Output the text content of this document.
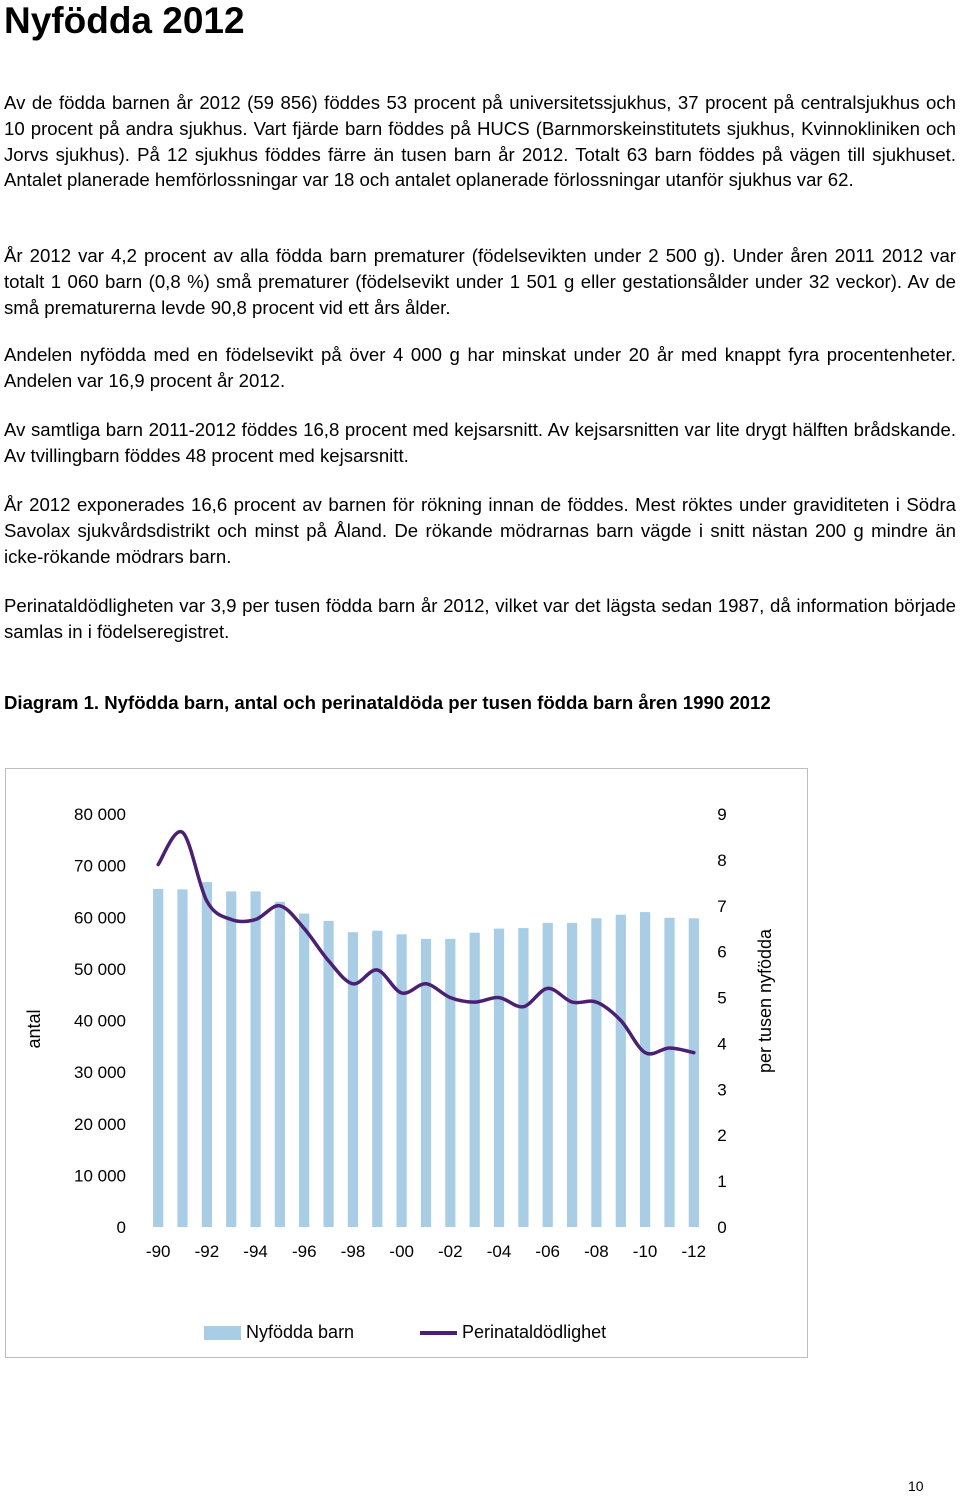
Nyfödda 2012

Av de födda barnen år 2012 (59 856) föddes 53 procent på universitetssjukhus, 37 procent på centralsjukhus och 10 procent på andra sjukhus. Vart fjärde barn föddes på HUCS (Barnmorskeinstitutets sjukhus, Kvinnokliniken och Jorvs sjukhus). På 12 sjukhus föddes färre än tusen barn år 2012. Totalt 63 barn föddes på vägen till sjukhuset. Antalet planerade hemförlossningar var 18 och antalet oplanerade förlossningar utanför sjukhus var 62.

År 2012 var 4,2 procent av alla födda barn prematurer (födelsevikten under 2 500 g). Under åren 2011 2012 var totalt 1 060 barn (0,8 %) små prematurer (födelsevikt under 1 501 g eller gestationsålder under 32 veckor). Av de små prematurerna levde 90,8 procent vid ett års ålder.

Andelen nyfödda med en födelsevikt på över 4 000 g har minskat under 20 år med knappt fyra procentenheter. Andelen var 16,9 procent år 2012.

Av samtliga barn 2011-2012 föddes 16,8 procent med kejsarsnitt. Av kejsarsnitten var lite drygt hälften brådskande. Av tvillingbarn föddes 48 procent med kejsarsnitt.

År 2012 exponerades 16,6 procent av barnen för rökning innan de föddes. Mest röktes under graviditeten i Södra Savolax sjukvårdsdistrikt och minst på Åland. De rökande mödrarnas barn vägde i snitt nästan 200 g mindre än icke-rökande mödrars barn.

Perinataldödligheten var 3,9 per tusen födda barn år 2012, vilket var det lägsta sedan 1987, då information började samlas in i födelseregistret.

Diagram 1. Nyfödda barn, antal och perinataldöda per tusen födda barn åren 1990 2012

80 000
70 000
60 000
50 000
40 000
30 000
20 000
10 000
0
9
8
7
6
5
4
3
2
1
0
-90 -92 -94 -96 -98 -00 -02 -04 -06 -08 -10 -12
antal	per tusen nyfödda
Nyfödda barn	Perinataldödlighet
10
